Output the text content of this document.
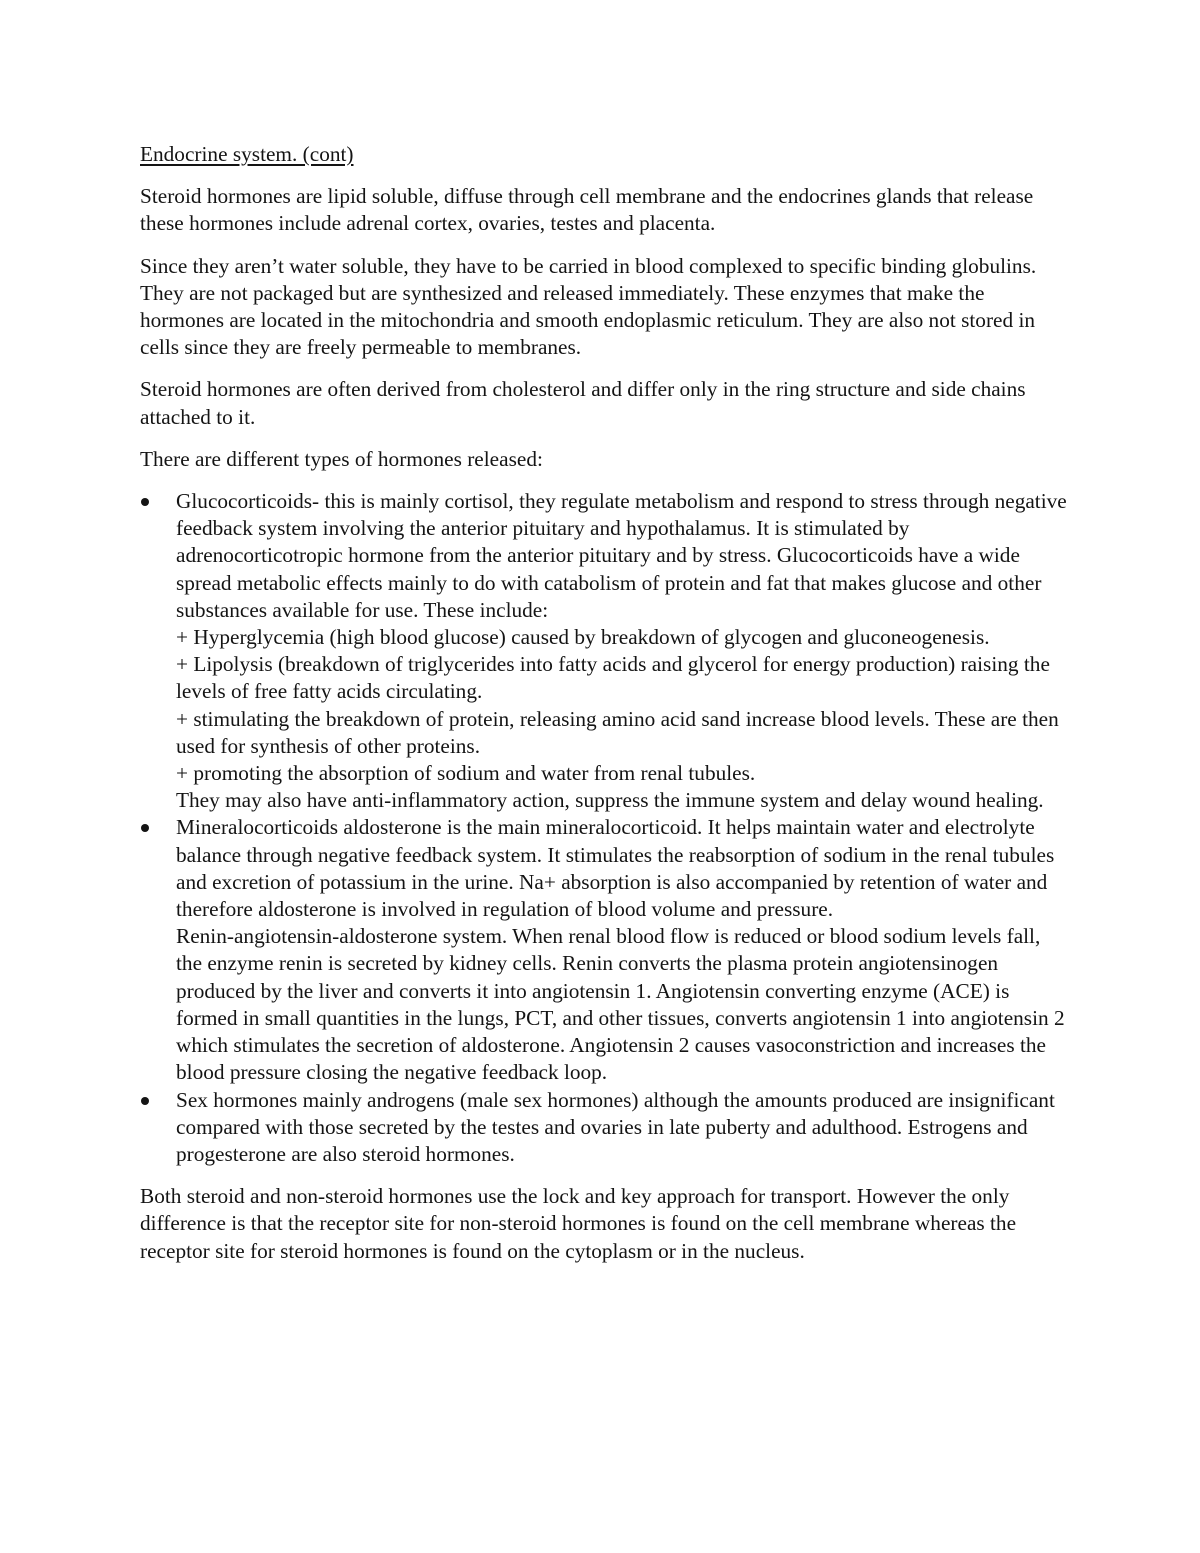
Endocrine system. (cont)

Steroid hormones are lipid soluble, diffuse through cell membrane and the endocrines glands that release these hormones include adrenal cortex, ovaries, testes and placenta.

Since they aren’t water soluble, they have to be carried in blood complexed to specific binding globulins. They are not packaged but are synthesized and released immediately. These enzymes that make the hormones are located in the mitochondria and smooth endoplasmic reticulum. They are also not stored in cells since they are freely permeable to membranes.

Steroid hormones are often derived from cholesterol and differ only in the ring structure and side chains attached to it.

There are different types of hormones released:

Glucocorticoids- this is mainly cortisol, they regulate metabolism and respond to stress through negative feedback system involving the anterior pituitary and hypothalamus. It is stimulated by adrenocorticotropic hormone from the anterior pituitary and by stress. Glucocorticoids have a wide spread metabolic effects mainly to do with catabolism of protein and fat that makes glucose and other substances available for use. These include:
+ Hyperglycemia (high blood glucose) caused by breakdown of glycogen and gluconeogenesis.
+ Lipolysis (breakdown of triglycerides into fatty acids and glycerol for energy production) raising the levels of free fatty acids circulating.
+ stimulating the breakdown of protein, releasing amino acid sand increase blood levels. These are then used for synthesis of other proteins.
+ promoting the absorption of sodium and water from renal tubules.
They may also have anti-inflammatory action, suppress the immune system and delay wound healing.
Mineralocorticoids aldosterone is the main mineralocorticoid. It helps maintain water and electrolyte balance through negative feedback system. It stimulates the reabsorption of sodium in the renal tubules and excretion of potassium in the urine. Na+ absorption is also accompanied by retention of water and therefore aldosterone is involved in regulation of blood volume and pressure.
Renin-angiotensin-aldosterone system. When renal blood flow is reduced or blood sodium levels fall, the enzyme renin is secreted by kidney cells. Renin converts the plasma protein angiotensinogen produced by the liver and converts it into angiotensin 1. Angiotensin converting enzyme (ACE) is formed in small quantities in the lungs, PCT, and other tissues, converts angiotensin 1 into angiotensin 2 which stimulates the secretion of aldosterone. Angiotensin 2 causes vasoconstriction and increases the blood pressure closing the negative feedback loop.
Sex hormones mainly androgens (male sex hormones) although the amounts produced are insignificant compared with those secreted by the testes and ovaries in late puberty and adulthood. Estrogens and progesterone are also steroid hormones.

Both steroid and non-steroid hormones use the lock and key approach for transport. However the only difference is that the receptor site for non-steroid hormones is found on the cell membrane whereas the receptor site for steroid hormones is found on the cytoplasm or in the nucleus.
